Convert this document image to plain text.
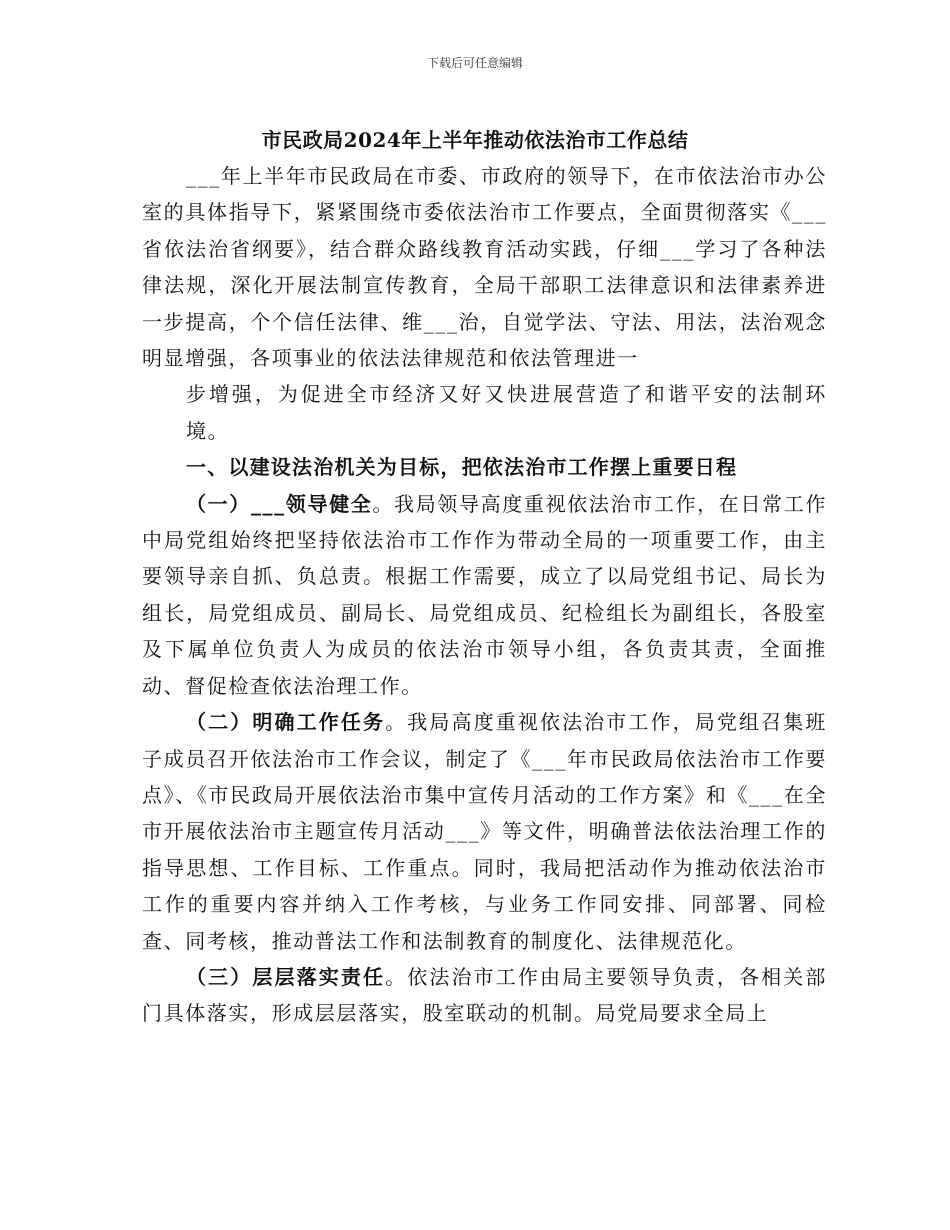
下载后可任意编辑
市民政局2024年上半年推动依法治市工作总结

___年上半年市民政局在市委、市政府的领导下，在市依法治市办公室的具体指导下，紧紧围绕市委依法治市工作要点，全面贯彻落实《___省依法治省纲要》，结合群众路线教育活动实践，仔细___学习了各种法律法规，深化开展法制宣传教育，全局干部职工法律意识和法律素养进一步提高，个个信任法律、维___治，自觉学法、守法、用法，法治观念明显增强，各项事业的依法法律规范和依法管理进一

步增强，为促进全市经济又好又快进展营造了和谐平安的法制环境。

一、以建设法治机关为目标，把依法治市工作摆上重要日程

（一）___领导健全。我局领导高度重视依法治市工作，在日常工作中局党组始终把坚持依法治市工作作为带动全局的一项重要工作，由主要领导亲自抓、负总责。根据工作需要，成立了以局党组书记、局长为组长，局党组成员、副局长、局党组成员、纪检组长为副组长，各股室及下属单位负责人为成员的依法治市领导小组，各负责其责，全面推动、督促检查依法治理工作。

（二）明确工作任务。我局高度重视依法治市工作，局党组召集班子成员召开依法治市工作会议，制定了《___年市民政局依法治市工作要点》、《市民政局开展依法治市集中宣传月活动的工作方案》和《___在全市开展依法治市主题宣传月活动___》等文件，明确普法依法治理工作的指导思想、工作目标、工作重点。同时，我局把活动作为推动依法治市工作的重要内容并纳入工作考核，与业务工作同安排、同部署、同检查、同考核，推动普法工作和法制教育的制度化、法律规范化。

（三）层层落实责任。依法治市工作由局主要领导负责，各相关部门具体落实，形成层层落实，股室联动的机制。局党局要求全局上
